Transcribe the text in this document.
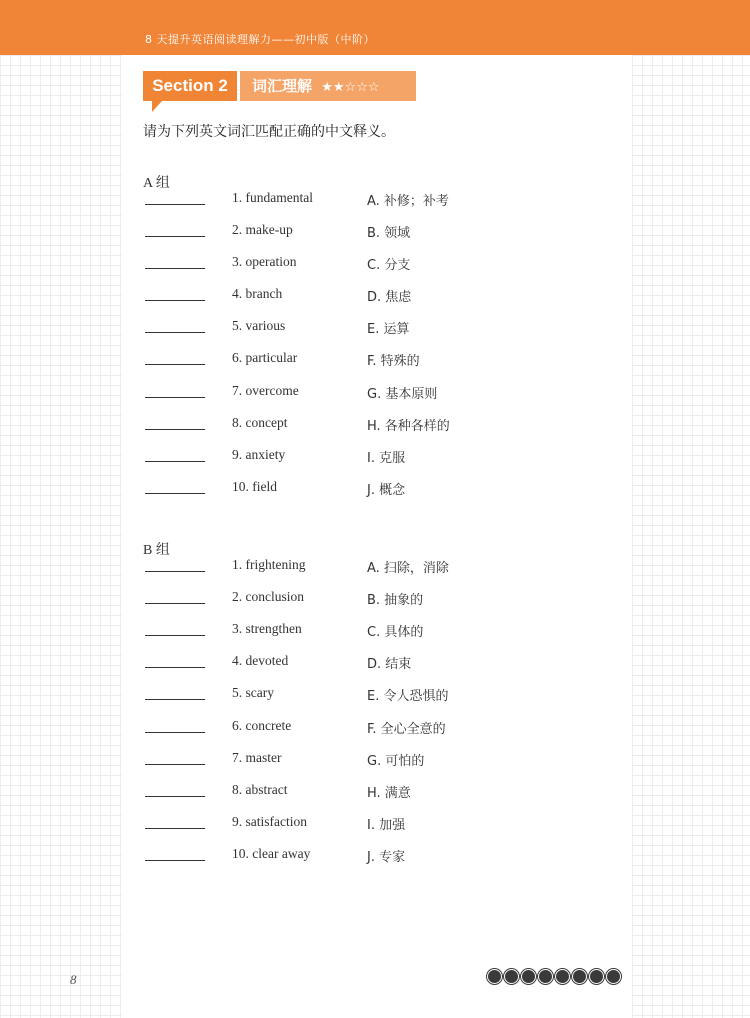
8 天提升英语阅读理解力——初中版（中阶）
Section 2	词汇理解 ★★☆☆☆
请为下列英文词汇匹配正确的中文释义。
A 组
1. fundamental	A. 补修；补考
2. make-up	B. 领域
3. operation	C. 分支
4. branch	D. 焦虑
5. various	E. 运算
6. particular	F. 特殊的
7. overcome	G. 基本原则
8. concept	H. 各种各样的
9. anxiety	I. 克服
10. field	J. 概念
B 组
1. frightening	A. 扫除，消除
2. conclusion	B. 抽象的
3. strengthen	C. 具体的
4. devoted	D. 结束
5. scary	E. 令人恐惧的
6. concrete	F. 全心全意的
7. master	G. 可怕的
8. abstract	H. 满意
9. satisfaction	I. 加强
10. clear away	J. 专家
8
